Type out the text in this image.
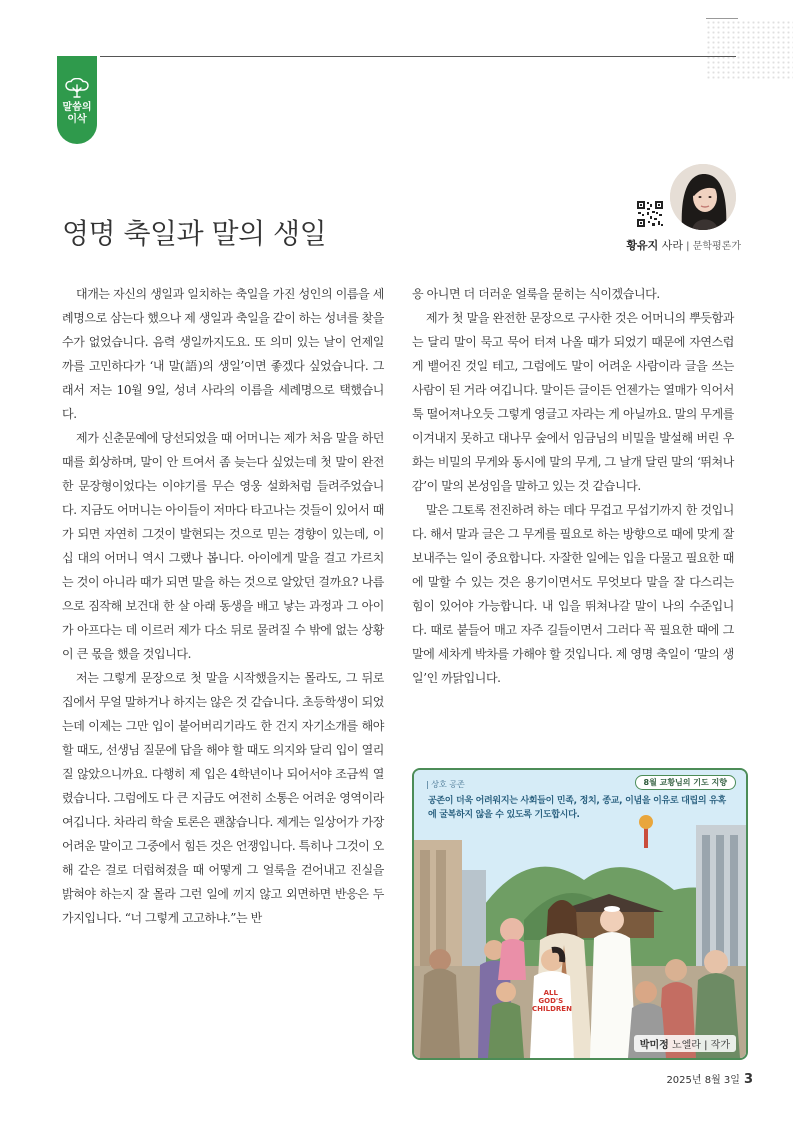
말씀의
이삭
영명 축일과 말의 생일	황유지 사라 | 문학평론가

대개는 자신의 생일과 일치하는 축일을 가진 성인의 이름을 세례명으로 삼는다 했으나 제 생일과 축일을 같이 하는 성녀를 찾을 수가 없었습니다. 음력 생일까지도요. 또 의미 있는 날이 언제일까를 고민하다가 ‘내 말(語)의 생일’이면 좋겠다 싶었습니다. 그래서 저는 10월 9일, 성녀 사라의 이름을 세례명으로 택했습니다.

제가 신춘문예에 당선되었을 때 어머니는 제가 처음 말을 하던 때를 회상하며, 말이 안 트여서 좀 늦는다 싶었는데 첫 말이 완전한 문장형이었다는 이야기를 무슨 영웅 설화처럼 들려주었습니다. 지금도 어머니는 아이들이 저마다 타고나는 것들이 있어서 때가 되면 자연히 그것이 발현되는 것으로 믿는 경향이 있는데, 이십 대의 어머니 역시 그랬나 봅니다. 아이에게 말을 걸고 가르치는 것이 아니라 때가 되면 말을 하는 것으로 알았던 걸까요? 나름으로 짐작해 보건대 한 살 아래 동생을 배고 낳는 과정과 그 아이가 아프다는 데 이르러 제가 다소 뒤로 물려질 수 밖에 없는 상황이 큰 몫을 했을 것입니다.

저는 그렇게 문장으로 첫 말을 시작했을지는 몰라도, 그 뒤로 집에서 무얼 말하거나 하지는 않은 것 같습니다. 초등학생이 되었는데 이제는 그만 입이 붙어버리기라도 한 건지 자기소개를 해야 할 때도, 선생님 질문에 답을 해야 할 때도 의지와 달리 입이 열리질 않았으니까요. 다행히 제 입은 4학년이나 되어서야 조금씩 열렸습니다. 그럼에도 다 큰 지금도 여전히 소통은 어려운 영역이라 여깁니다. 차라리 학술 토론은 괜찮습니다. 제게는 일상어가 가장 어려운 말이고 그중에서 힘든 것은 언쟁입니다. 특히나 그것이 오해 같은 걸로 더럽혀졌을 때 어떻게 그 얼룩을 걷어내고 진실을 밝혀야 하는지 잘 몰라 그런 일에 끼지 않고 외면하면 반응은 두 가지입니다. “너 그렇게 고고하냐.”는 반

응 아니면 더 더러운 얼룩을 묻히는 식이겠습니다.

제가 첫 말을 완전한 문장으로 구사한 것은 어머니의 뿌듯함과는 달리 말이 묵고 묵어 터져 나올 때가 되었기 때문에 자연스럽게 뱉어진 것일 테고, 그럼에도 말이 어려운 사람이라 글을 쓰는 사람이 된 거라 여깁니다. 말이든 글이든 언젠가는 열매가 익어서 툭 떨어져나오듯 그렇게 영글고 자라는 게 아닐까요. 말의 무게를 이겨내지 못하고 대나무 숲에서 임금님의 비밀을 발설해 버린 우화는 비밀의 무게와 동시에 말의 무게, 그 날개 달린 말의 ‘뛰쳐나감’이 말의 본성임을 말하고 있는 것 같습니다.

말은 그토록 전진하려 하는 데다 무겁고 무섭기까지 한 것입니다. 해서 말과 글은 그 무게를 필요로 하는 방향으로 때에 맞게 잘 보내주는 일이 중요합니다. 자잘한 일에는 입을 다물고 필요한 때에 말할 수 있는 것은 용기이면서도 무엇보다 말을 잘 다스리는 힘이 있어야 가능합니다. 내 입을 뛰쳐나갈 말이 나의 수준입니다. 때로 붙들어 매고 자주 길들이면서 그러다 꼭 필요한 때에 그 말에 세차게 박차를 가해야 할 것입니다. 제 영명 축일이 ‘말의 생일’인 까닭입니다.

ALL GOD'S CHILDREN
| 상호 공존	8월 교황님의 기도 지향
공존이 더욱 어려워지는 사회들이 민족, 정치, 종교, 이념을 이유로 대립의 유혹에 굴복하지 않을 수 있도록 기도합시다.
박미정 노엘라 | 작가
2025년 8월 3일 3
